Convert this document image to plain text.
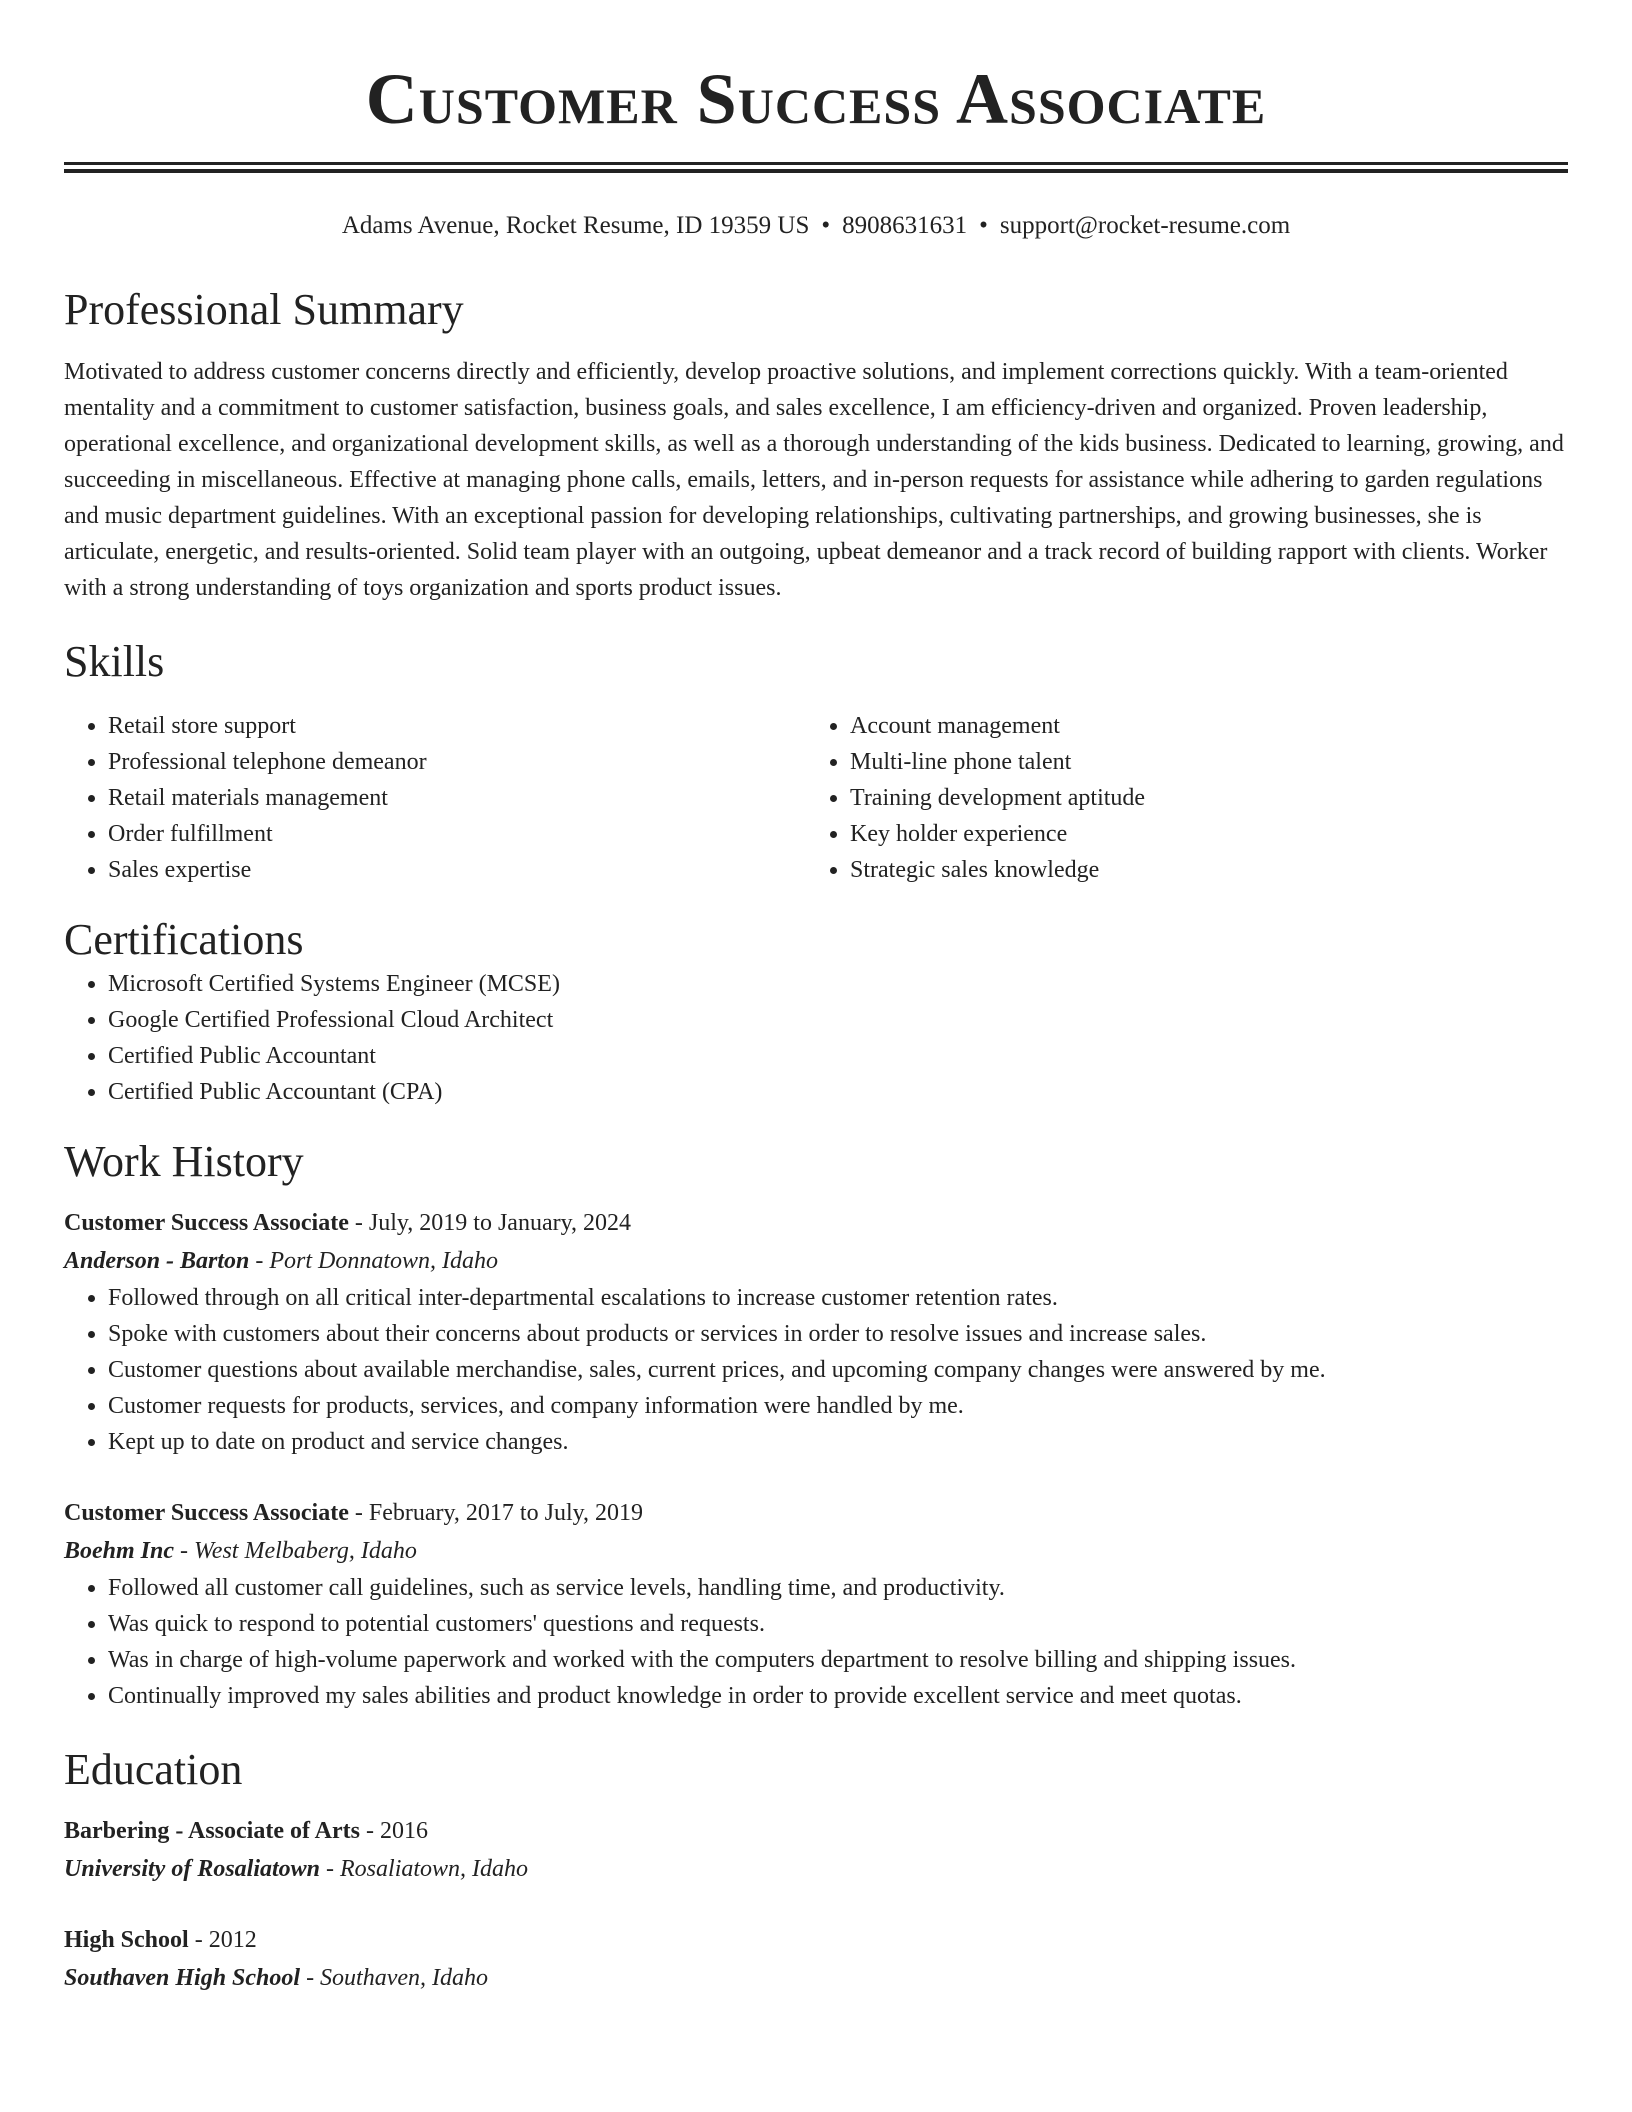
Customer Success Associate
Adams Avenue, Rocket Resume, ID 19359 US • 8908631631 • support@rocket-resume.com
Professional Summary
Motivated to address customer concerns directly and efficiently, develop proactive solutions, and implement corrections quickly. With a team-oriented mentality and a commitment to customer satisfaction, business goals, and sales excellence, I am efficiency-driven and organized. Proven leadership, operational excellence, and organizational development skills, as well as a thorough understanding of the kids business. Dedicated to learning, growing, and succeeding in miscellaneous. Effective at managing phone calls, emails, letters, and in-person requests for assistance while adhering to garden regulations and music department guidelines. With an exceptional passion for developing relationships, cultivating partnerships, and growing businesses, she is articulate, energetic, and results-oriented. Solid team player with an outgoing, upbeat demeanor and a track record of building rapport with clients. Worker with a strong understanding of toys organization and sports product issues.
Skills
• Retail store support
• Professional telephone demeanor
• Retail materials management
• Order fulfillment
• Sales expertise
• Account management
• Multi-line phone talent
• Training development aptitude
• Key holder experience
• Strategic sales knowledge
Certifications
• Microsoft Certified Systems Engineer (MCSE)
• Google Certified Professional Cloud Architect
• Certified Public Accountant
• Certified Public Accountant (CPA)
Work History
Customer Success Associate - July, 2019 to January, 2024
Anderson - Barton - Port Donnatown, Idaho
• Followed through on all critical inter-departmental escalations to increase customer retention rates.
• Spoke with customers about their concerns about products or services in order to resolve issues and increase sales.
• Customer questions about available merchandise, sales, current prices, and upcoming company changes were answered by me.
• Customer requests for products, services, and company information were handled by me.
• Kept up to date on product and service changes.
Customer Success Associate - February, 2017 to July, 2019
Boehm Inc - West Melbaberg, Idaho
• Followed all customer call guidelines, such as service levels, handling time, and productivity.
• Was quick to respond to potential customers' questions and requests.
• Was in charge of high-volume paperwork and worked with the computers department to resolve billing and shipping issues.
• Continually improved my sales abilities and product knowledge in order to provide excellent service and meet quotas.
Education
Barbering - Associate of Arts - 2016
University of Rosaliatown - Rosaliatown, Idaho
High School - 2012
Southaven High School - Southaven, Idaho
